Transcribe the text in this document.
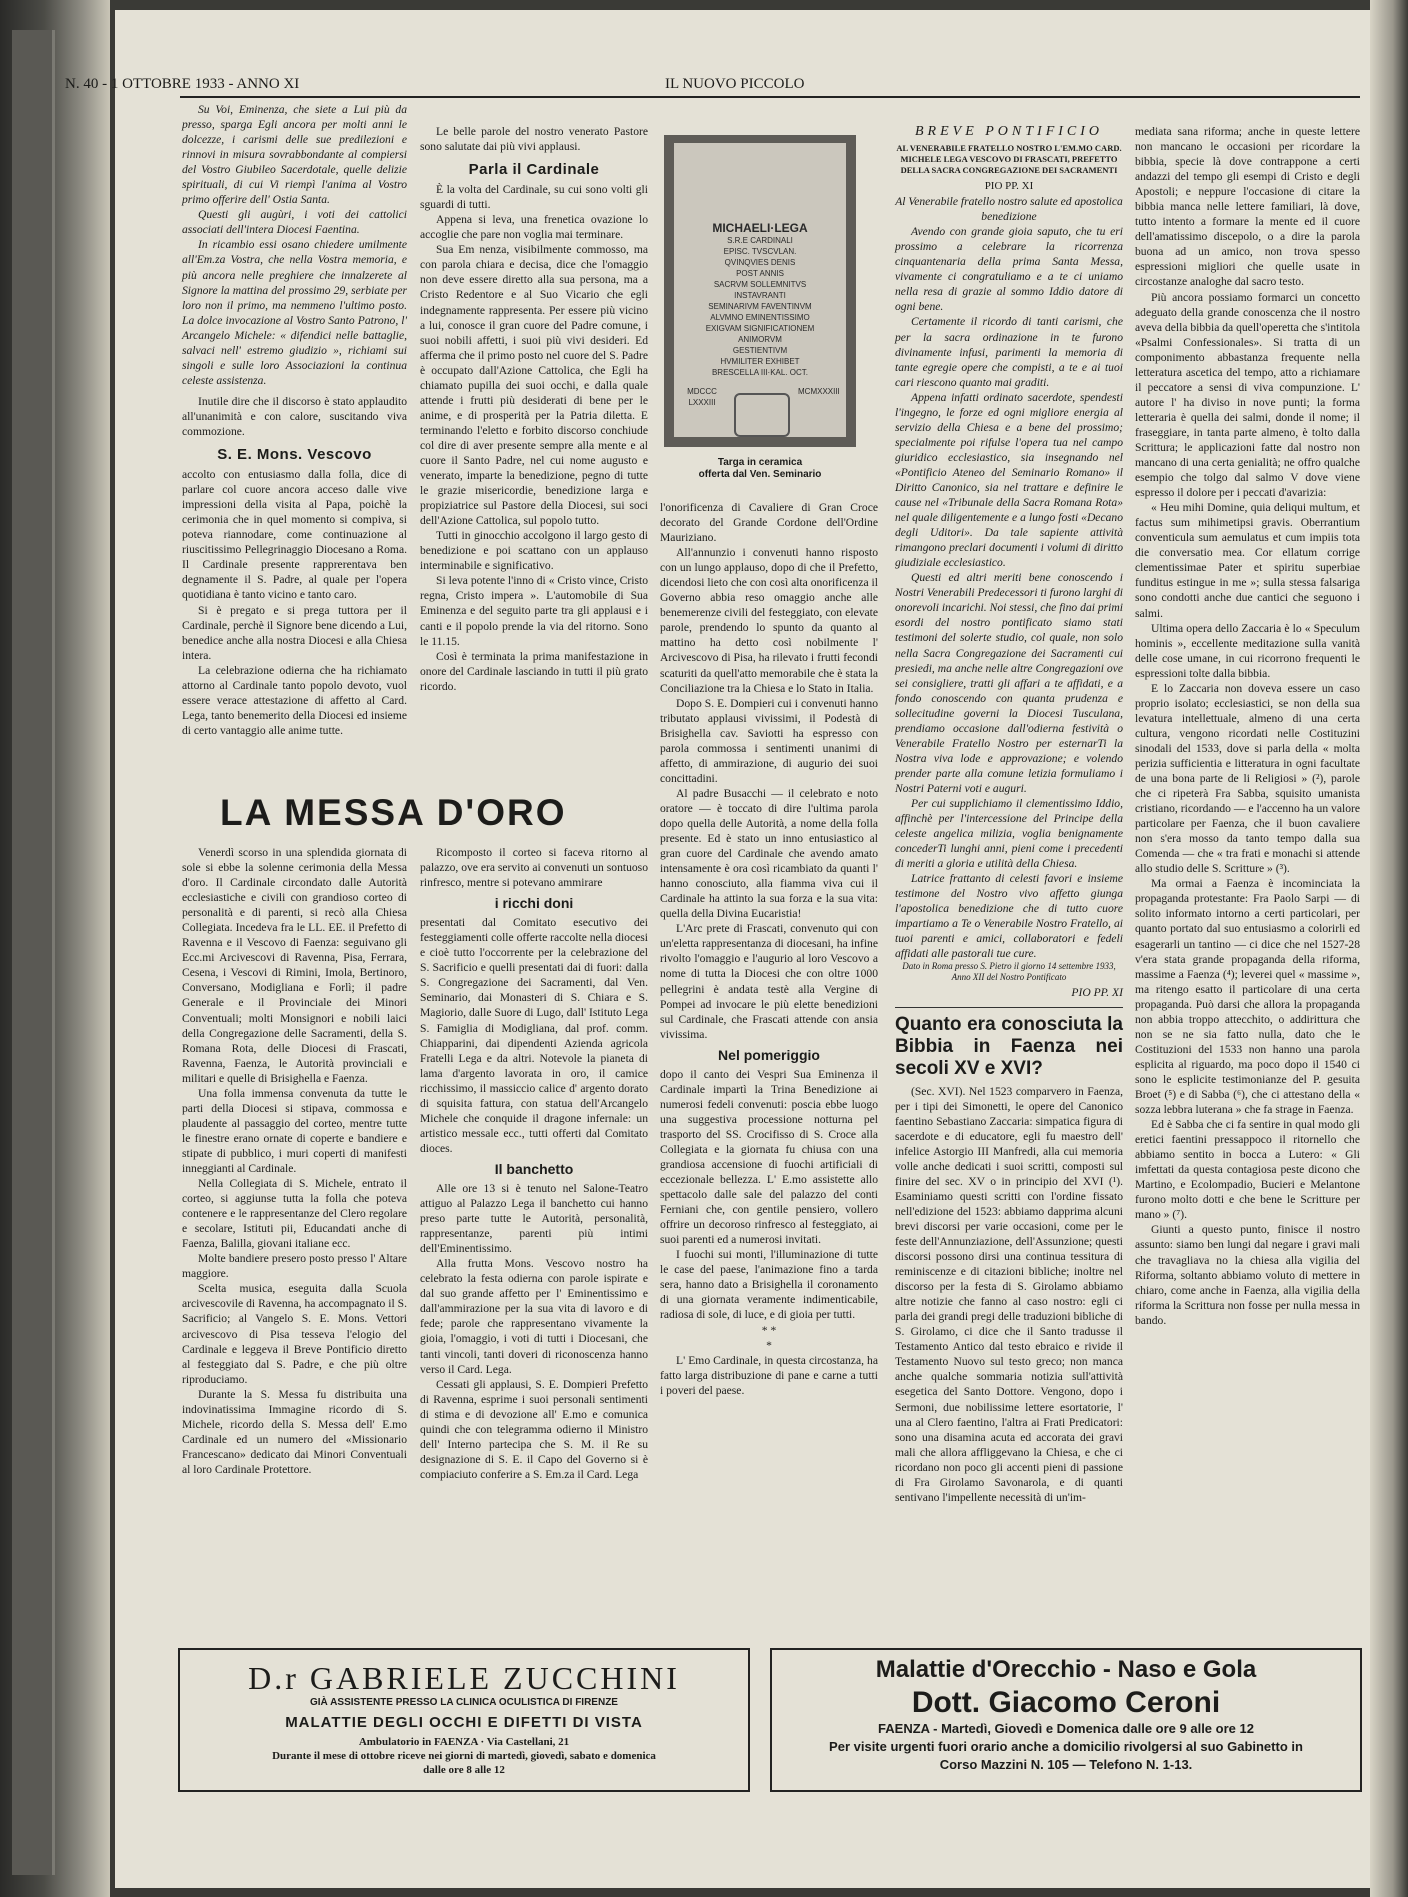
N. 40 - 1 OTTOBRE 1933 - ANNO XI	IL NUOVO PICCOLO

Su Voi, Eminenza, che siete a Lui più da presso, sparga Egli ancora per molti anni le dolcezze, i carismi delle sue predilezioni e rinnovi in misura sovrabbondante al compiersi del Vostro Giubileo Sacerdotale, quelle delizie spirituali, di cui Vi riempì l'anima al Vostro primo offerire dell' Ostia Santa.

Questi gli augùri, i voti dei cattolici associati dell'intera Diocesi Faentina.

In ricambio essi osano chiedere umilmente all'Em.za Vostra, che nella Vostra memoria, e più ancora nelle preghiere che innalzerete al Signore la mattina del prossimo 29, serbiate per loro non il primo, ma nemmeno l'ultimo posto. La dolce invocazione al Vostro Santo Patrono, l' Arcangelo Michele: « difendici nelle battaglie, salvaci nell' estremo giudizio », richiami sui singoli e sulle loro Associazioni la continua celeste assistenza.

Inutile dire che il discorso è stato applaudito all'unanimità e con calore, suscitando viva commozione.

S. E. Mons. Vescovo

accolto con entusiasmo dalla folla, dice di parlare col cuore ancora acceso dalle vive impressioni della visita al Papa, poichè la cerimonia che in quel momento si compiva, si poteva riannodare, come continuazione al riuscitissimo Pellegrinaggio Diocesano a Roma. Il Cardinale presente rapprerentava ben degnamente il S. Padre, al quale per l'opera quotidiana è tanto vicino e tanto caro.

Si è pregato e si prega tuttora per il Cardinale, perchè il Signore bene dicendo a Lui, benedice anche alla nostra Diocesi e alla Chiesa intera.

La celebrazione odierna che ha richiamato attorno al Cardinale tanto popolo devoto, vuol essere verace attestazione di affetto al Card. Lega, tanto benemerito della Diocesi ed insieme di certo vantaggio alle anime tutte.

Le belle parole del nostro venerato Pastore sono salutate dai più vivi applausi.

Parla il Cardinale

È la volta del Cardinale, su cui sono volti gli sguardi di tutti.

Appena si leva, una frenetica ovazione lo accoglie che pare non voglia mai terminare.

Sua Em nenza, visibilmente commosso, ma con parola chiara e decisa, dice che l'omaggio non deve essere diretto alla sua persona, ma a Cristo Redentore e al Suo Vicario che egli indegnamente rappresenta. Per essere più vicino a lui, conosce il gran cuore del Padre comune, i suoi nobili affetti, i suoi più vivi desideri. Ed afferma che il primo posto nel cuore del S. Padre è occupato dall'Azione Cattolica, che Egli ha chiamato pupilla dei suoi occhi, e dalla quale attende i frutti più desiderati di bene per le anime, e di prosperità per la Patria diletta. E terminando l'eletto e forbito discorso conchiude col dire di aver presente sempre alla mente e al cuore il Santo Padre, nel cui nome augusto e venerato, imparte la benedizione, pegno di tutte le grazie misericordie, benedizione larga e propiziatrice sul Pastore della Diocesi, sui soci dell'Azione Cattolica, sul popolo tutto.

Tutti in ginocchio accolgono il largo gesto di benedizione e poi scattano con un applauso interminabile e significativo.

Si leva potente l'inno di « Cristo vince, Cristo regna, Cristo impera ». L'automobile di Sua Eminenza e del seguito parte tra gli applausi e i canti e il popolo prende la via del ritorno. Sono le 11.15.

Così è terminata la prima manifestazione in onore del Cardinale lasciando in tutti il più grato ricordo.

MICHAELI·LEGA
S.R.E CARDINALI
EPISC. TVSCVLAN.
QVINQVIES DENIS
POST ANNIS
SACRVM SOLLEMNITVS
INSTAVRANTI
SEMINARIVM FAVENTINVM
ALVMNO EMINENTISSIMO
EXIGVAM SIGNIFICATIONEM
ANIMORVM
GESTIENTIVM
HVMILITER EXHIBET
BRESCELLA III·KAL. OCT.
MDCCC LXXXIII
MCMXXXIII
Targa in ceramica
offerta dal Ven. Seminario
LA MESSA D'ORO

Venerdì scorso in una splendida giornata di sole si ebbe la solenne cerimonia della Messa d'oro. Il Cardinale circondato dalle Autorità ecclesiastiche e civili con grandioso corteo di personalità e di parenti, si recò alla Chiesa Collegiata. Incedeva fra le LL. EE. il Prefetto di Ravenna e il Vescovo di Faenza: seguivano gli Ecc.mi Arcivescovi di Ravenna, Pisa, Ferrara, Cesena, i Vescovi di Rimini, Imola, Bertinoro, Conversano, Modigliana e Forlì; il padre Generale e il Provinciale dei Minori Conventuali; molti Monsignori e nobili laici della Congregazione delle Sacramenti, della S. Romana Rota, delle Diocesi di Frascati, Ravenna, Faenza, le Autorità provinciali e militari e quelle di Brisighella e Faenza.

Una folla immensa convenuta da tutte le parti della Diocesi si stipava, commossa e plaudente al passaggio del corteo, mentre tutte le finestre erano ornate di coperte e bandiere e stipate di pubblico, i muri coperti di manifesti inneggianti al Cardinale.

Nella Collegiata di S. Michele, entrato il corteo, si aggiunse tutta la folla che poteva contenere e le rappresentanze del Clero regolare e secolare, Istituti pii, Educandati anche di Faenza, Balilla, giovani italiane ecc.

Molte bandiere presero posto presso l' Altare maggiore.

Scelta musica, eseguita dalla Scuola arcivescovile di Ravenna, ha accompagnato il S. Sacrificio; al Vangelo S. E. Mons. Vettori arcivescovo di Pisa tesseva l'elogio del Cardinale e leggeva il Breve Pontificio diretto al festeggiato dal S. Padre, e che più oltre riproduciamo.

Durante la S. Messa fu distribuita una indovinatissima Immagine ricordo di S. Michele, ricordo della S. Messa dell' E.mo Cardinale ed un numero del «Missionario Francescano» dedicato dai Minori Conventuali al loro Cardinale Protettore.

Ricomposto il corteo si faceva ritorno al palazzo, ove era servito ai convenuti un sontuoso rinfresco, mentre si potevano ammirare

i ricchi doni

presentati dal Comitato esecutivo dei festeggiamenti colle offerte raccolte nella diocesi e cioè tutto l'occorrente per la celebrazione del S. Sacrificio e quelli presentati dai di fuori: dalla S. Congregazione dei Sacramenti, dal Ven. Seminario, dai Monasteri di S. Chiara e S. Magiorio, dalle Suore di Lugo, dall' Istituto Lega S. Famiglia di Modigliana, dal prof. comm. Chiapparini, dai dipendenti Azienda agricola Fratelli Lega e da altri. Notevole la pianeta di lama d'argento lavorata in oro, il camice ricchissimo, il massiccio calice d' argento dorato di squisita fattura, con statua dell'Arcangelo Michele che conquide il dragone infernale: un artistico messale ecc., tutti offerti dal Comitato dioces.

Il banchetto

Alle ore 13 si è tenuto nel Salone-Teatro attiguo al Palazzo Lega il banchetto cui hanno preso parte tutte le Autorità, personalità, rappresentanze, parenti più intimi dell'Eminentissimo.

Alla frutta Mons. Vescovo nostro ha celebrato la festa odierna con parole ispirate e dal suo grande affetto per l' Eminentissimo e dall'ammirazione per la sua vita di lavoro e di fede; parole che rappresentano vivamente la gioia, l'omaggio, i voti di tutti i Diocesani, che tanti vincoli, tanti doveri di riconoscenza hanno verso il Card. Lega.

Cessati gli applausi, S. E. Dompieri Prefetto di Ravenna, esprime i suoi personali sentimenti di stima e di devozione all' E.mo e comunica quindi che con telegramma odierno il Ministro dell' Interno partecipa che S. M. il Re su designazione di S. E. il Capo del Governo si è compiaciuto conferire a S. Em.za il Card. Lega

l'onorificenza di Cavaliere di Gran Croce decorato del Grande Cordone dell'Ordine Mauriziano.

All'annunzio i convenuti hanno risposto con un lungo applauso, dopo di che il Prefetto, dicendosi lieto che con così alta onorificenza il Governo abbia reso omaggio anche alle benemerenze civili del festeggiato, con elevate parole, prendendo lo spunto da quanto al mattino ha detto così nobilmente l' Arcivescovo di Pisa, ha rilevato i frutti fecondi scaturiti da quell'atto memorabile che è stata la Conciliazione tra la Chiesa e lo Stato in Italia.

Dopo S. E. Dompieri cui i convenuti hanno tributato applausi vivissimi, il Podestà di Brisighella cav. Saviotti ha espresso con parola commossa i sentimenti unanimi di affetto, di ammirazione, di augurio dei suoi concittadini.

Al padre Busacchi — il celebrato e noto oratore — è toccato di dire l'ultima parola dopo quella delle Autorità, a nome della folla presente. Ed è stato un inno entusiastico al gran cuore del Cardinale che avendo amato intensamente è ora così ricambiato da quanti l' hanno conosciuto, alla fiamma viva cui il Cardinale ha attinto la sua forza e la sua vita: quella della Divina Eucaristia!

L'Arc prete di Frascati, convenuto qui con un'eletta rappresentanza di diocesani, ha infine rivolto l'omaggio e l'augurio al loro Vescovo a nome di tutta la Diocesi che con oltre 1000 pellegrini è andata testè alla Vergine di Pompei ad invocare le più elette benedizioni sul Cardinale, che Frascati attende con ansia vivissima.

Nel pomeriggio

dopo il canto dei Vespri Sua Eminenza il Cardinale impartì la Trina Benedizione ai numerosi fedeli convenuti: poscia ebbe luogo una suggestiva processione notturna pel trasporto del SS. Crocifisso di S. Croce alla Collegiata e la giornata fu chiusa con una grandiosa accensione di fuochi artificiali di eccezionale bellezza. L' E.mo assistette allo spettacolo dalle sale del palazzo del conti Ferniani che, con gentile pensiero, vollero offrire un decoroso rinfresco al festeggiato, ai suoi parenti ed a numerosi invitati.

I fuochi sui monti, l'illuminazione di tutte le case del paese, l'animazione fino a tarda sera, hanno dato a Brisighella il coronamento di una giornata veramente indimenticabile, radiosa di sole, di luce, e di gioia per tutti.

* *
*

L' Emo Cardinale, in questa circostanza, ha fatto larga distribuzione di pane e carne a tutti i poveri del paese.

BREVE PONTIFICIO
AL VENERABILE FRATELLO NOSTRO L'EM.MO CARD. MICHELE LEGA VESCOVO DI FRASCATI, PREFETTO DELLA SACRA CONGREGAZIONE DEI SACRAMENTI
PIO PP. XI

Al Venerabile fratello nostro salute ed apostolica benedizione

Avendo con grande gioia saputo, che tu eri prossimo a celebrare la ricorrenza cinquantenaria della prima Santa Messa, vivamente ci congratuliamo e a te ci uniamo nella resa di grazie al sommo Iddio datore di ogni bene.

Certamente il ricordo di tanti carismi, che per la sacra ordinazione in te furono divinamente infusi, parimenti la memoria di tante egregie opere che compisti, a te e ai tuoi cari riescono quanto mai graditi.

Appena infatti ordinato sacerdote, spendesti l'ingegno, le forze ed ogni migliore energia al servizio della Chiesa e a bene del prossimo; specialmente poi rifulse l'opera tua nel campo giuridico ecclesiastico, sia insegnando nel «Pontificio Ateneo del Seminario Romano» il Diritto Canonico, sia nel trattare e definire le cause nel «Tribunale della Sacra Romana Rota» nel quale diligentemente e a lungo fosti «Decano degli Uditori». Da tale sapiente attività rimangono preclari documenti i volumi di diritto giudiziale ecclesiastico.

Questi ed altri meriti bene conoscendo i Nostri Venerabili Predecessori ti furono larghi di onorevoli incarichi. Noi stessi, che fino dai primi esordi del nostro pontificato siamo stati testimoni del solerte studio, col quale, non solo nella Sacra Congregazione dei Sacramenti cui presiedi, ma anche nelle altre Congregazioni ove sei consigliere, tratti gli affari a te affidati, e a fondo conoscendo con quanta prudenza e sollecitudine governi la Diocesi Tusculana, prendiamo occasione dall'odierna festività o Venerabile Fratello Nostro per esternarTi la Nostra viva lode e approvazione; e volendo prender parte alla comune letizia formuliamo i Nostri Paterni voti e auguri.

Per cui supplichiamo il clementissimo Iddio, affinchè per l'intercessione del Principe della celeste angelica milizia, voglia benignamente concederTi lunghi anni, pieni come i precedenti di meriti a gloria e utilità della Chiesa.

Latrice frattanto di celesti favori e insieme testimone del Nostro vivo affetto giunga l'apostolica benedizione che di tutto cuore impartiamo a Te o Venerabile Nostro Fratello, ai tuoi parenti e amici, collaboratori e fedeli affidati alle pastorali tue cure.

Dato in Roma presso S. Pietro il giorno 14 settembre 1933, Anno XII del Nostro Pontificato

PIO PP. XI
Quanto era conosciuta la Bibbia in Faenza nei secoli XV e XVI?

(Sec. XVI). Nel 1523 comparvero in Faenza, per i tipi dei Simonetti, le opere del Canonico faentino Sebastiano Zaccaria: simpatica figura di sacerdote e di educatore, egli fu maestro dell' infelice Astorgio III Manfredi, alla cui memoria volle anche dedicati i suoi scritti, composti sul finire del sec. XV o in principio del XVI (¹). Esaminiamo questi scritti con l'ordine fissato nell'edizione del 1523: abbiamo dapprima alcuni brevi discorsi per varie occasioni, come per le feste dell'Annunziazione, dell'Assunzione; questi discorsi possono dirsi una continua tessitura di reminiscenze e di citazioni bibliche; inoltre nel discorso per la festa di S. Girolamo abbiamo altre notizie che fanno al caso nostro: egli ci parla dei grandi pregi delle traduzioni bibliche di S. Girolamo, ci dice che il Santo tradusse il Testamento Antico dal testo ebraico e rivide il Testamento Nuovo sul testo greco; non manca anche qualche sommaria notizia sull'attività esegetica del Santo Dottore. Vengono, dopo i Sermoni, due nobilissime lettere esortatorie, l' una al Clero faentino, l'altra ai Frati Predicatori: sono una disamina acuta ed accorata dei gravi mali che allora affliggevano la Chiesa, e che ci ricordano non poco gli accenti pieni di passione di Fra Girolamo Savonarola, e di quanti sentivano l'impellente necessità di un'im-

mediata sana riforma; anche in queste lettere non mancano le occasioni per ricordare la bibbia, specie là dove contrappone a certi andazzi del tempo gli esempi di Cristo e degli Apostoli; e neppure l'occasione di citare la bibbia manca nelle lettere familiari, là dove, tutto intento a formare la mente ed il cuore dell'amatissimo discepolo, o a dire la parola buona ad un amico, non trova spesso espressioni migliori che quelle usate in circostanze analoghe dal sacro testo.

Più ancora possiamo formarci un concetto adeguato della grande conoscenza che il nostro aveva della bibbia da quell'operetta che s'intitola «Psalmi Confessionales». Si tratta di un componimento abbastanza frequente nella letteratura ascetica del tempo, atto a richiamare il peccatore a sensi di viva compunzione. L' autore l' ha diviso in nove punti; la forma letteraria è quella dei salmi, donde il nome; il fraseggiare, in tanta parte almeno, è tolto dalla Scrittura; le applicazioni fatte dal nostro non mancano di una certa genialità; ne offro qualche esempio che tolgo dal salmo V dove viene espresso il dolore per i peccati d'avarizia:

« Heu mihi Domine, quia deliqui multum, et factus sum mihimetipsi gravis. Oberrantium conventicula sum aemulatus et cum impiis tota die conversatio mea. Cor ellatum corrige clementissimae Pater et spiritu superbiae funditus estingue in me »; sulla stessa falsariga sono condotti anche due cantici che seguono i salmi.

Ultima opera dello Zaccaria è lo « Speculum hominis », eccellente meditazione sulla vanità delle cose umane, in cui ricorrono frequenti le espressioni tolte dalla bibbia.

E lo Zaccaria non doveva essere un caso proprio isolato; ecclesiastici, se non della sua levatura intellettuale, almeno di una certa cultura, vengono ricordati nelle Costituzini sinodali del 1533, dove si parla della « molta perizia sufficientia e litteratura in ogni facultate de una bona parte de li Religiosi » (²), parole che ci ripeterà Fra Sabba, squisito umanista cristiano, ricordando — e l'accenno ha un valore particolare per Faenza, che il buon cavaliere non s'era mosso da tanto tempo dalla sua Comenda — che « tra frati e monachi si attende allo studio delle S. Scritture » (³).

Ma ormai a Faenza è incominciata la propaganda protestante: Fra Paolo Sarpi — di solito informato intorno a certi particolari, per quanto portato dal suo entusiasmo a colorirli ed esagerarli un tantino — ci dice che nel 1527-28 v'era stata grande propaganda della riforma, massime a Faenza (⁴); leverei quel « massime », ma ritengo esatto il particolare di una certa propaganda. Può darsi che allora la propaganda non abbia troppo attecchito, o addirittura che non se ne sia fatto nulla, dato che le Costituzioni del 1533 non hanno una parola esplicita al riguardo, ma poco dopo il 1540 ci sono le esplicite testimonianze del P. gesuita Broet (⁵) e di Sabba (⁶), che ci attestano della « sozza lebbra luterana » che fa strage in Faenza.

Ed è Sabba che ci fa sentire in qual modo gli eretici faentini pressappoco il ritornello che abbiamo sentito in bocca a Lutero: « Gli imfettati da questa contagiosa peste dicono che Martino, e Ecolompadio, Bucieri e Melantone furono molto dotti e che bene le Scritture per mano » (⁷).

Giunti a questo punto, finisce il nostro assunto: siamo ben lungi dal negare i gravi mali che travagliava no la chiesa alla vigilia del Riforma, soltanto abbiamo voluto di mettere in chiaro, come anche in Faenza, alla vigilia della riforma la Scrittura non fosse per nulla messa in bando.

D.r GABRIELE ZUCCHINI
GIÀ ASSISTENTE PRESSO LA CLINICA OCULISTICA DI FIRENZE
MALATTIE DEGLI OCCHI E DIFETTI DI VISTA
Ambulatorio in FAENZA · Via Castellani, 21
Durante il mese di ottobre riceve nei giorni di martedì, giovedì, sabato e domenica
dalle ore 8 alle 12
Malattie d'Orecchio - Naso e Gola
Dott. Giacomo Ceroni
FAENZA - Martedì, Giovedì e Domenica dalle ore 9 alle ore 12
Per visite urgenti fuori orario anche a domicilio rivolgersi al suo Gabinetto in
Corso Mazzini N. 105 — Telefono N. 1-13.
